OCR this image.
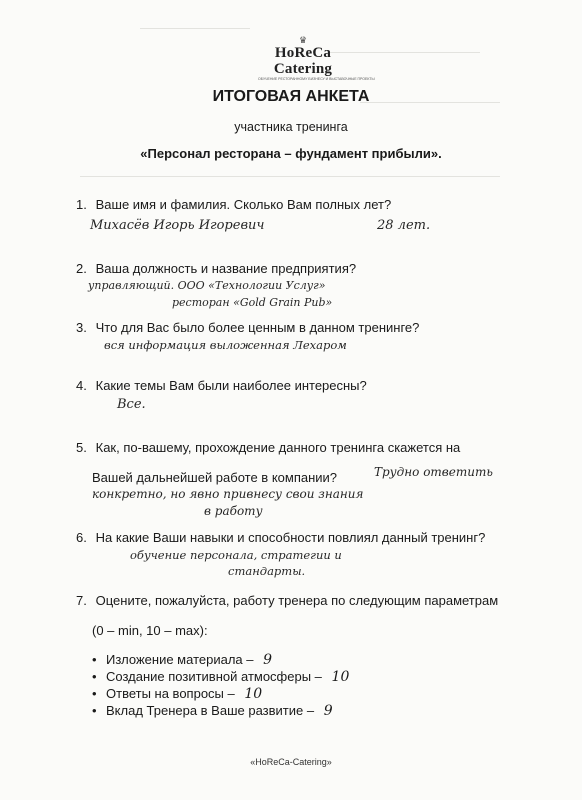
♛
HoReCa Catering
ОБУЧЕНИЕ РЕСТОРАННОМУ БИЗНЕСУ И ВЫСТАВОЧНЫЕ ПРОЕКТЫ
ИТОГОВАЯ АНКЕТА
участника тренинга
«Персонал ресторана – фундамент прибыли».
1. Ваше имя и фамилия. Сколько Вам полных лет?
Михасёв Игорь Игоревич	28 лет.
2. Ваша должность и название предприятия?
управляющий. ООО «Технологии Услуг»
ресторан «Gold Grain Pub»
3. Что для Вас было более ценным в данном тренинге?
вся информация выложенная Лехаром
4. Какие темы Вам были наиболее интересны?
Все.
5. Как, по-вашему, прохождение данного тренинга скажется на
Вашей дальнейшей работе в компании?	Трудно ответить
конкретно, но явно привнесу свои знания
в работу
6. На какие Ваши навыки и способности повлиял данный тренинг?
обучение персонала, стратегии и
стандарты.
7. Оцените, пожалуйста, работу тренера по следующим параметрам
(0 – min, 10 – max):
• Изложение материала – 9
• Создание позитивной атмосферы – 10
• Ответы на вопросы – 10
• Вклад Тренера в Ваше развитие – 9
«HoReCa-Catering»
